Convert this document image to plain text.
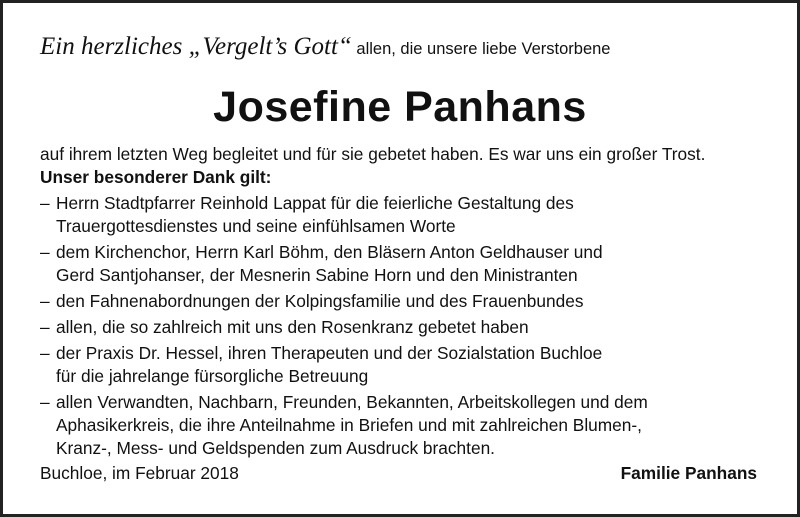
Ein herzliches „Vergelt’s Gott“ allen, die unsere liebe Verstorbene
Josefine Panhans
auf ihrem letzten Weg begleitet und für sie gebetet haben. Es war uns ein großer Trost.
Unser besonderer Dank gilt:
– Herrn Stadtpfarrer Reinhold Lappat für die feierliche Gestaltung des
Trauergottesdienstes und seine einfühlsamen Worte
– dem Kirchenchor, Herrn Karl Böhm, den Bläsern Anton Geldhauser und
Gerd Santjohanser, der Mesnerin Sabine Horn und den Ministranten
– den Fahnenabordnungen der Kolpingsfamilie und des Frauenbundes
– allen, die so zahlreich mit uns den Rosenkranz gebetet haben
– der Praxis Dr. Hessel, ihren Therapeuten und der Sozialstation Buchloe
für die jahrelange fürsorgliche Betreuung
– allen Verwandten, Nachbarn, Freunden, Bekannten, Arbeitskollegen und dem
Aphasikerkreis, die ihre Anteilnahme in Briefen und mit zahlreichen Blumen-,
Kranz-, Mess- und Geldspenden zum Ausdruck brachten.
Buchloe, im Februar 2018	Familie Panhans
